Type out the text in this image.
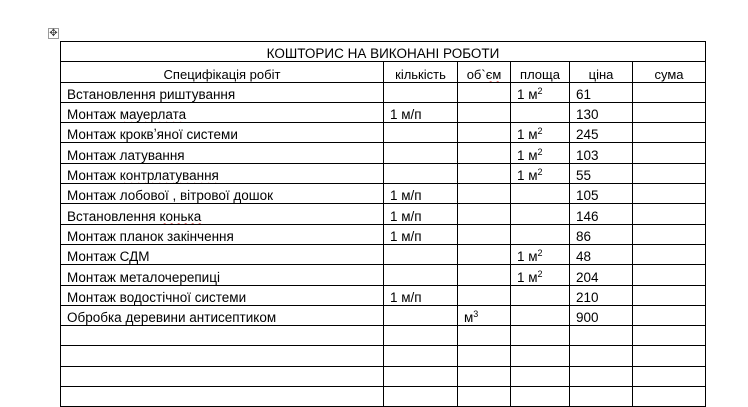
✥
КОШТОРИС НА ВИКОНАНІ РОБОТИ					
Специфікація робіт	кількість	об`єм	площа	ціна	сума
Встановлення риштування			1 $м^2$	61	
Монтаж мауерлата	1 м/п			130	
Монтаж кроквʼяної системи			1 $м^2$	245	
Монтаж латування			1 $м^2$	103	
Монтаж контрлатування			1 $м^2$	55	
Монтаж лобової , вітрової дошок	1 м/п			105	
Встановлення конька	1 м/п			146	
Монтаж планок закінчення	1 м/п			86	
Монтаж СДМ			1 $м^2$	48	
Монтаж металочерепиці			1 $м^2$	204	
Монтаж водостічної системи	1 м/п			210	
Обробка деревини антисептиком		$м^3$		900	
